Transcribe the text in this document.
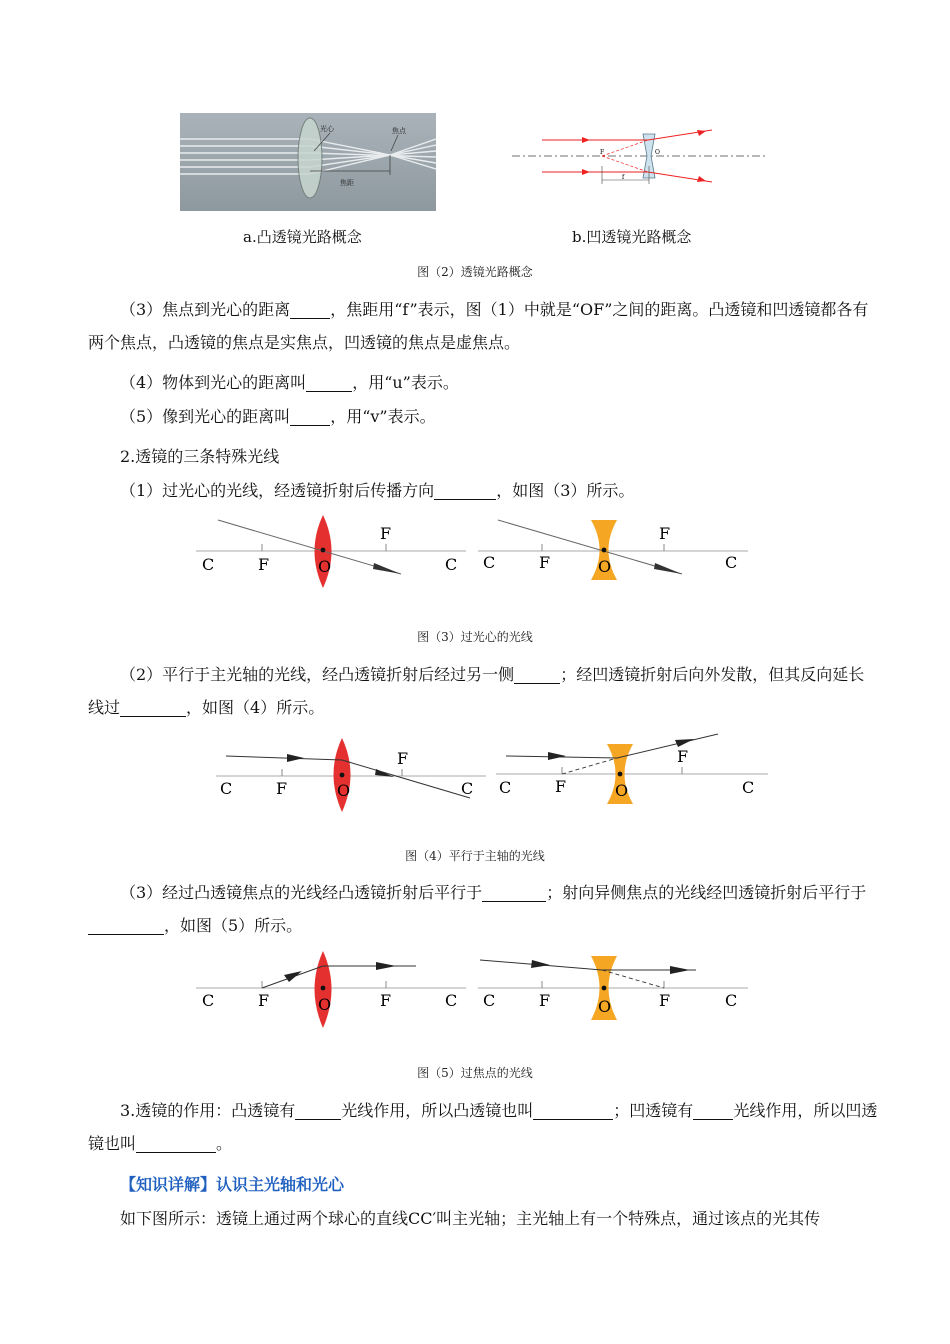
光心	焦点
焦距
F	O
f
a.凸透镜光路概念	b.凹透镜光路概念
图（2）透镜光路概念
（3）焦点到光心的距离	，焦距用“f”表示，图（1）中就是“OF”之间的距离。凸透镜和凹透镜都各有两个焦点，凸透镜的焦点是实焦点，凹透镜的焦点是虚焦点。
（4）物体到光心的距离叫	，用“u”表示。
（5）像到光心的距离叫	，用“v”表示。
2.透镜的三条特殊光线
（1）过光心的光线，经透镜折射后传播方向	，如图（3）所示。
C	F	O
F
C C	F	O
F
C
图（3）过光心的光线
（2）平行于主光轴的光线，经凸透镜折射后经过另一侧	；经凹透镜折射后向外发散，但其反向延长线过	，如图（4）所示。
C	F	O
F
C C	F	O
F
C
图（4）平行于主轴的光线
（3）经过凸透镜焦点的光线经凸透镜折射后平行于	；射向异侧焦点的光线经凹透镜折射后平行于，如图（5）所示。
C	F	O	F	C C	F	O	F	C
图（5）过焦点的光线
3.透镜的作用：凸透镜有	光线作用，所以凸透镜也叫	；凹透镜有	光线作用，所以凹透镜也叫	。
【知识详解】认识主光轴和光心
如下图所示：透镜上通过两个球心的直线CC′叫主光轴；主光轴上有一个特殊点，通过该点的光其传
